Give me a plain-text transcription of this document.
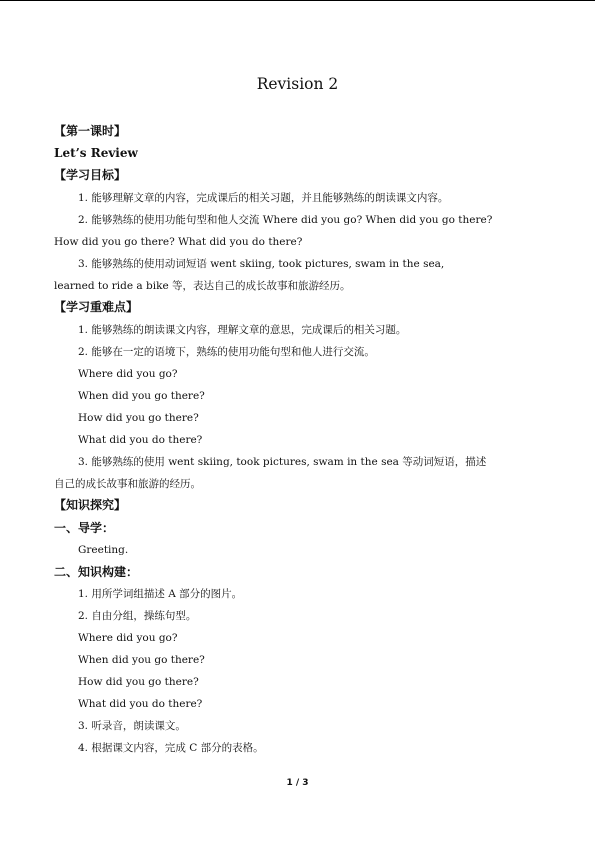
Revision 2
【第一课时】
Let’s Review
【学习目标】
1. 能够理解文章的内容，完成课后的相关习题，并且能够熟练的朗读课文内容。
2. 能够熟练的使用功能句型和他人交流 Where did you go? When did you go there?
How did you go there? What did you do there?
3. 能够熟练的使用动词短语 went skiing, took pictures, swam in the sea,
learned to ride a bike 等，表达自己的成长故事和旅游经历。
【学习重难点】
1. 能够熟练的朗读课文内容，理解文章的意思，完成课后的相关习题。
2. 能够在一定的语境下，熟练的使用功能句型和他人进行交流。
Where did you go?
When did you go there?
How did you go there?
What did you do there?
3. 能够熟练的使用 went skiing, took pictures, swam in the sea 等动词短语，描述
自己的成长故事和旅游的经历。
【知识探究】
一、导学：
Greeting.
二、知识构建：
1. 用所学词组描述 A 部分的图片。
2. 自由分组，操练句型。
Where did you go?
When did you go there?
How did you go there?
What did you do there?
3. 听录音，朗读课文。
4. 根据课文内容，完成 C 部分的表格。
1 / 3
